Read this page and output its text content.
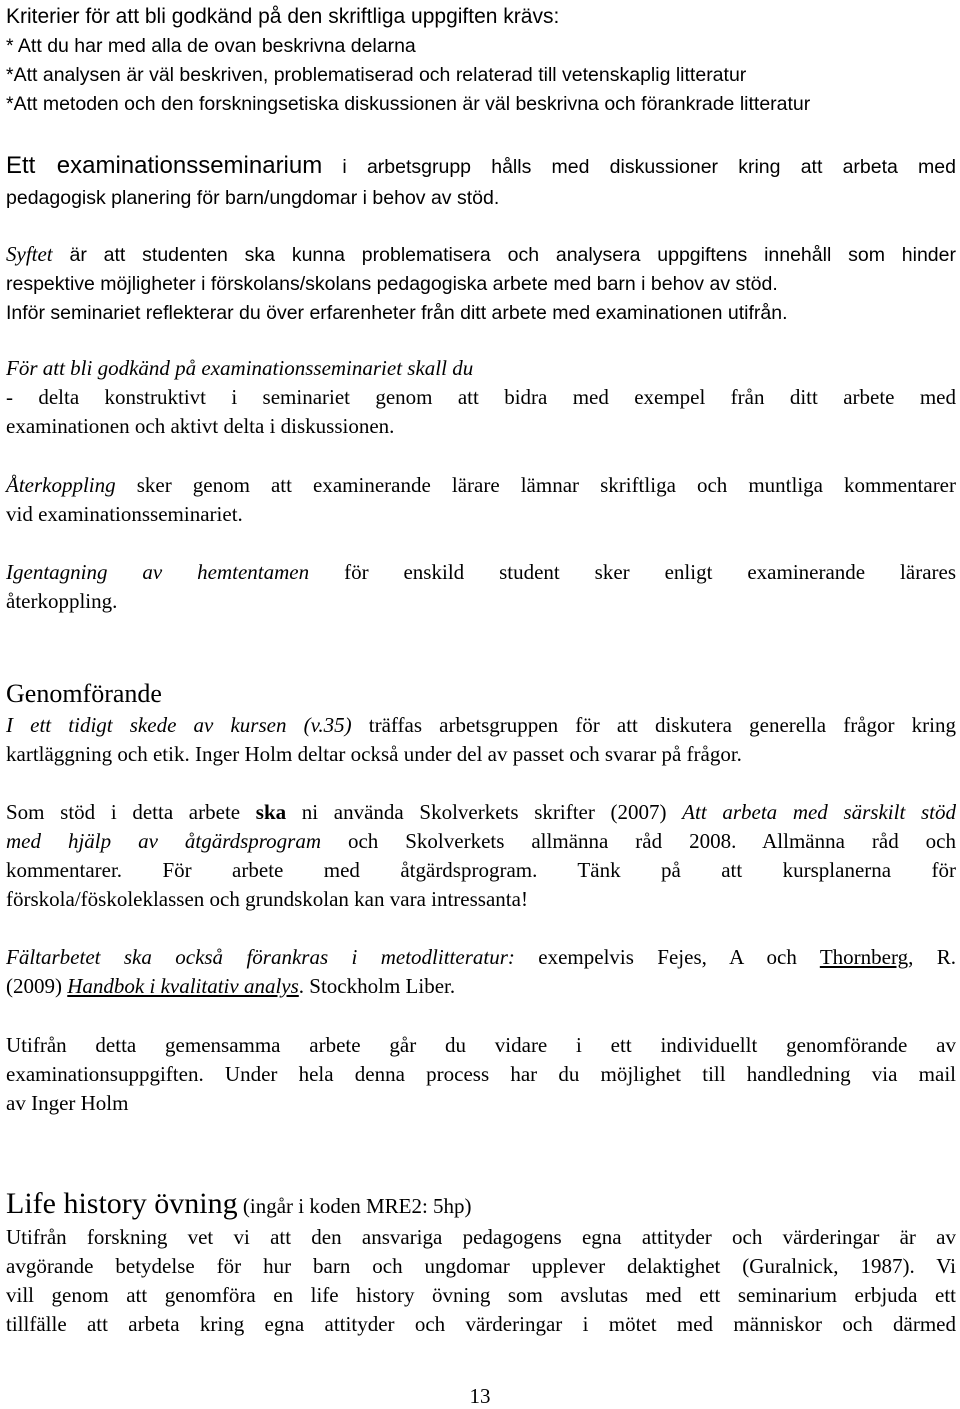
Kriterier för att bli godkänd på den skriftliga uppgiften krävs:
* Att du har med alla de ovan beskrivna delarna
*Att analysen är väl beskriven, problematiserad och relaterad till vetenskaplig litteratur
*Att metoden och den forskningsetiska diskussionen är väl beskrivna och förankrade litteratur
Ett examinationsseminarium i arbetsgrupp hålls med diskussioner kring att arbeta med
pedagogisk planering för barn/ungdomar i behov av stöd.
Syftet är att studenten ska kunna problematisera och analysera uppgiftens innehåll som hinder
respektive möjligheter i förskolans/skolans pedagogiska arbete med barn i behov av stöd.
Inför seminariet reflekterar du över erfarenheter från ditt arbete med examinationen utifrån.
För att bli godkänd på examinationsseminariet skall du
- delta konstruktivt i seminariet genom att bidra med exempel från ditt arbete med
examinationen och aktivt delta i diskussionen.
Återkoppling sker genom att examinerande lärare lämnar skriftliga och muntliga kommentarer
vid examinationsseminariet.
Igentagning av hemtentamen för enskild student sker enligt examinerande lärares
återkoppling.
Genomförande
I ett tidigt skede av kursen (v.35) träffas arbetsgruppen för att diskutera generella frågor kring
kartläggning och etik. Inger Holm deltar också under del av passet och svarar på frågor.
Som stöd i detta arbete ska ni använda Skolverkets skrifter (2007) Att arbeta med särskilt stöd
med hjälp av åtgärdsprogram och Skolverkets allmänna råd 2008. Allmänna råd och
kommentarer. För arbete med åtgärdsprogram. Tänk på att kursplanerna för
förskola/föskoleklassen och grundskolan kan vara intressanta!
Fältarbetet ska också förankras i metodlitteratur: exempelvis Fejes, A och Thornberg, R.
(2009) Handbok i kvalitativ analys. Stockholm Liber.
Utifrån detta gemensamma arbete går du vidare i ett individuellt genomförande av
examinationsuppgiften. Under hela denna process har du möjlighet till handledning via mail
av Inger Holm
Life history övning (ingår i koden MRE2: 5hp)
Utifrån forskning vet vi att den ansvariga pedagogens egna attityder och värderingar är av
avgörande betydelse för hur barn och ungdomar upplever delaktighet (Guralnick, 1987). Vi
vill genom att genomföra en life history övning som avslutas med ett seminarium erbjuda ett
tillfälle att arbeta kring egna attityder och värderingar i mötet med människor och därmed
13
